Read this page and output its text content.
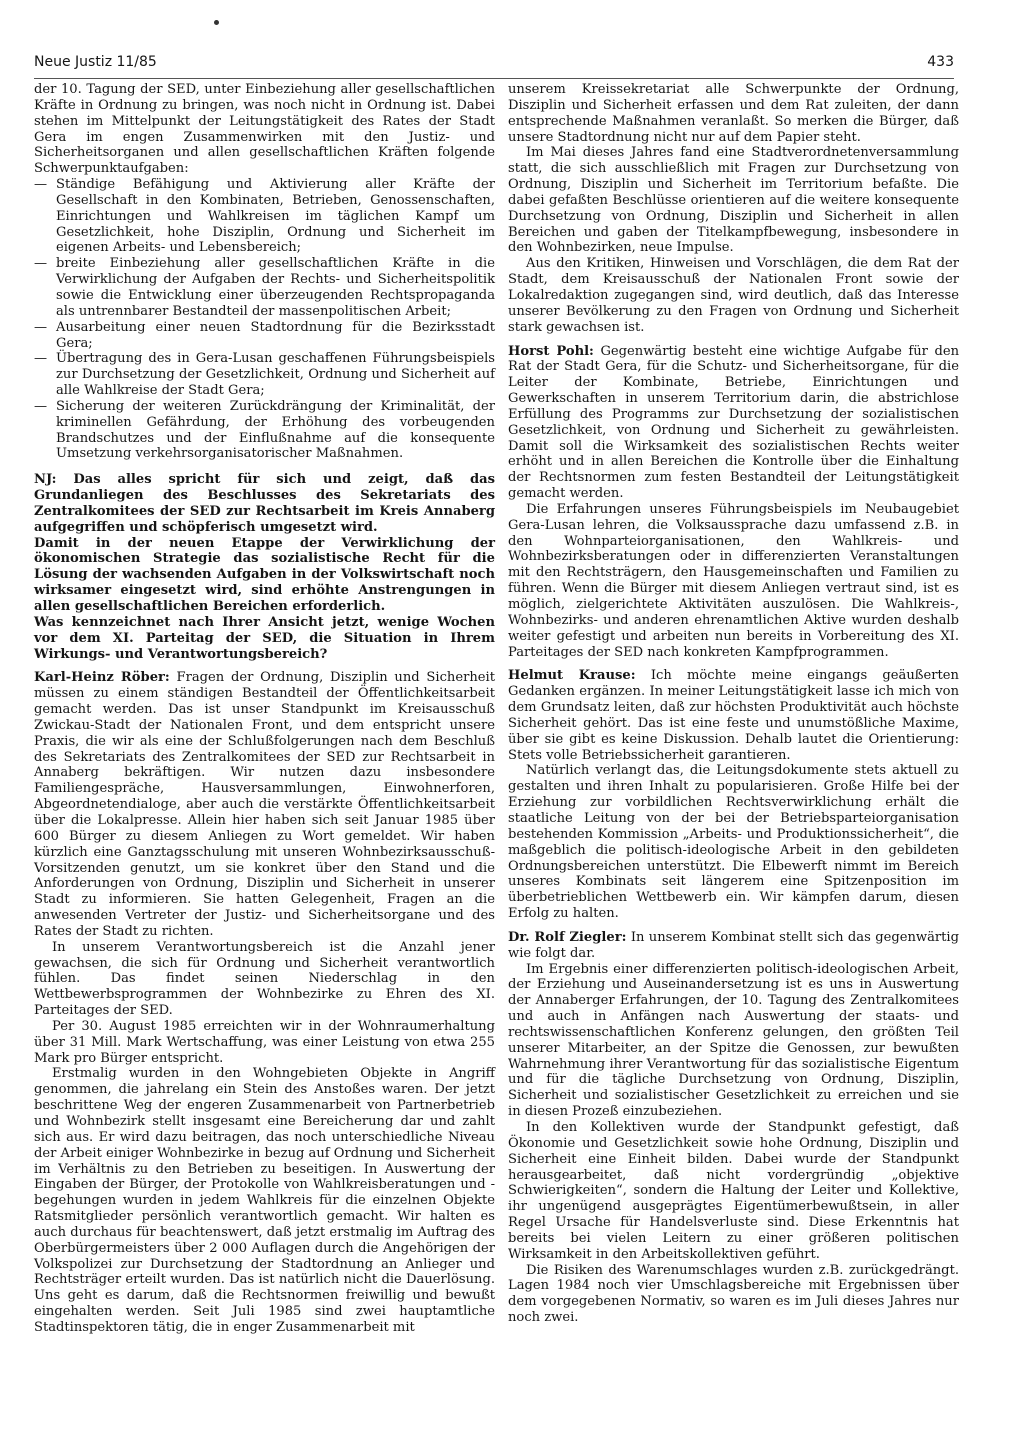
Neue Justiz 11/85	433

der 10. Tagung der SED, unter Einbeziehung aller gesellschaftlichen Kräfte in Ordnung zu bringen, was noch nicht in Ordnung ist. Dabei stehen im Mittelpunkt der Leitungstätigkeit des Rates der Stadt Gera im engen Zusammenwirken mit den Justiz- und Sicherheitsorganen und allen gesellschaftlichen Kräften folgende Schwerpunktaufgaben:

— Ständige Befähigung und Aktivierung aller Kräfte der Gesellschaft in den Kombinaten, Betrieben, Genossenschaften, Einrichtungen und Wahlkreisen im täglichen Kampf um Gesetzlichkeit, hohe Disziplin, Ordnung und Sicherheit im eigenen Arbeits- und Lebensbereich;
— breite Einbeziehung aller gesellschaftlichen Kräfte in die Verwirklichung der Aufgaben der Rechts- und Sicherheitspolitik sowie die Entwicklung einer überzeugenden Rechtspropaganda als untrennbarer Bestandteil der massenpolitischen Arbeit;
— Ausarbeitung einer neuen Stadtordnung für die Bezirksstadt Gera;
— Übertragung des in Gera-Lusan geschaffenen Führungsbeispiels zur Durchsetzung der Gesetzlichkeit, Ordnung und Sicherheit auf alle Wahlkreise der Stadt Gera;
— Sicherung der weiteren Zurückdrängung der Kriminalität, der kriminellen Gefährdung, der Erhöhung des vorbeugenden Brandschutzes und der Einflußnahme auf die konsequente Umsetzung verkehrsorganisatorischer Maßnahmen.

NJ: Das alles spricht für sich und zeigt, daß das Grundanliegen des Beschlusses des Sekretariats des Zentralkomitees der SED zur Rechtsarbeit im Kreis Annaberg aufgegriffen und schöpferisch umgesetzt wird.

Damit in der neuen Etappe der Verwirklichung der ökonomischen Strategie das sozialistische Recht für die Lösung der wachsenden Aufgaben in der Volkswirtschaft noch wirksamer eingesetzt wird, sind erhöhte Anstrengungen in allen gesellschaftlichen Bereichen erforderlich.

Was kennzeichnet nach Ihrer Ansicht jetzt, wenige Wochen vor dem XI. Parteitag der SED, die Situation in Ihrem Wirkungs- und Verantwortungsbereich?

Karl-Heinz Röber: Fragen der Ordnung, Disziplin und Sicherheit müssen zu einem ständigen Bestandteil der Öffentlichkeitsarbeit gemacht werden. Das ist unser Standpunkt im Kreisausschuß Zwickau-Stadt der Nationalen Front, und dem entspricht unsere Praxis, die wir als eine der Schlußfolgerungen nach dem Beschluß des Sekretariats des Zentralkomitees der SED zur Rechtsarbeit in Annaberg bekräftigen. Wir nutzen dazu insbesondere Familiengespräche, Hausversammlungen, Einwohnerforen, Abgeordnetendialoge, aber auch die verstärkte Öffentlichkeitsarbeit über die Lokalpresse. Allein hier haben sich seit Januar 1985 über 600 Bürger zu diesem Anliegen zu Wort gemeldet. Wir haben kürzlich eine Ganztagsschulung mit unseren Wohnbezirksausschuß-Vorsitzenden genutzt, um sie konkret über den Stand und die Anforderungen von Ordnung, Disziplin und Sicherheit in unserer Stadt zu informieren. Sie hatten Gelegenheit, Fragen an die anwesenden Vertreter der Justiz- und Sicherheitsorgane und des Rates der Stadt zu richten.

In unserem Verantwortungsbereich ist die Anzahl jener gewachsen, die sich für Ordnung und Sicherheit verantwortlich fühlen. Das findet seinen Niederschlag in den Wettbewerbsprogrammen der Wohnbezirke zu Ehren des XI. Parteitages der SED.

Per 30. August 1985 erreichten wir in der Wohnraumerhaltung über 31 Mill. Mark Wertschaffung, was einer Leistung von etwa 255 Mark pro Bürger entspricht.

Erstmalig wurden in den Wohngebieten Objekte in Angriff genommen, die jahrelang ein Stein des Anstoßes waren. Der jetzt beschrittene Weg der engeren Zusammenarbeit von Partnerbetrieb und Wohnbezirk stellt insgesamt eine Bereicherung dar und zahlt sich aus. Er wird dazu beitragen, das noch unterschiedliche Niveau der Arbeit einiger Wohnbezirke in bezug auf Ordnung und Sicherheit im Verhältnis zu den Betrieben zu beseitigen. In Auswertung der Eingaben der Bürger, der Protokolle von Wahlkreisberatungen und -begehungen wurden in jedem Wahlkreis für die einzelnen Objekte Ratsmitglieder persönlich verantwortlich gemacht. Wir halten es auch durchaus für beachtenswert, daß jetzt erstmalig im Auftrag des Oberbürgermeisters über 2 000 Auflagen durch die Angehörigen der Volkspolizei zur Durchsetzung der Stadtordnung an Anlieger und Rechtsträger erteilt wurden. Das ist natürlich nicht die Dauerlösung. Uns geht es darum, daß die Rechtsnormen freiwillig und bewußt eingehalten werden. Seit Juli 1985 sind zwei hauptamtliche Stadtinspektoren tätig, die in enger Zusammenarbeit mit

unserem Kreissekretariat alle Schwerpunkte der Ordnung, Disziplin und Sicherheit erfassen und dem Rat zuleiten, der dann entsprechende Maßnahmen veranlaßt. So merken die Bürger, daß unsere Stadtordnung nicht nur auf dem Papier steht.

Im Mai dieses Jahres fand eine Stadtverordnetenversammlung statt, die sich ausschließlich mit Fragen zur Durchsetzung von Ordnung, Disziplin und Sicherheit im Territorium befaßte. Die dabei gefaßten Beschlüsse orientieren auf die weitere konsequente Durchsetzung von Ordnung, Disziplin und Sicherheit in allen Bereichen und gaben der Titelkampfbewegung, insbesondere in den Wohnbezirken, neue Impulse.

Aus den Kritiken, Hinweisen und Vorschlägen, die dem Rat der Stadt, dem Kreisausschuß der Nationalen Front sowie der Lokalredaktion zugegangen sind, wird deutlich, daß das Interesse unserer Bevölkerung zu den Fragen von Ordnung und Sicherheit stark gewachsen ist.

Horst Pohl: Gegenwärtig besteht eine wichtige Aufgabe für den Rat der Stadt Gera, für die Schutz- und Sicherheitsorgane, für die Leiter der Kombinate, Betriebe, Einrichtungen und Gewerkschaften in unserem Territorium darin, die abstrichlose Erfüllung des Programms zur Durchsetzung der sozialistischen Gesetzlichkeit, von Ordnung und Sicherheit zu gewährleisten. Damit soll die Wirksamkeit des sozialistischen Rechts weiter erhöht und in allen Bereichen die Kontrolle über die Einhaltung der Rechtsnormen zum festen Bestandteil der Leitungstätigkeit gemacht werden.

Die Erfahrungen unseres Führungsbeispiels im Neubaugebiet Gera-Lusan lehren, die Volksaussprache dazu umfassend z.B. in den Wohnparteiorganisationen, den Wahlkreis- und Wohnbezirksberatungen oder in differenzierten Veranstaltungen mit den Rechtsträgern, den Hausgemeinschaften und Familien zu führen. Wenn die Bürger mit diesem Anliegen vertraut sind, ist es möglich, zielgerichtete Aktivitäten auszulösen. Die Wahlkreis-, Wohnbezirks- und anderen ehrenamtlichen Aktive wurden deshalb weiter gefestigt und arbeiten nun bereits in Vorbereitung des XI. Parteitages der SED nach konkreten Kampfprogrammen.

Helmut Krause: Ich möchte meine eingangs geäußerten Gedanken ergänzen. In meiner Leitungstätigkeit lasse ich mich von dem Grundsatz leiten, daß zur höchsten Produktivität auch höchste Sicherheit gehört. Das ist eine feste und unumstößliche Maxime, über sie gibt es keine Diskussion. Dehalb lautet die Orientierung: Stets volle Betriebssicherheit garantieren.

Natürlich verlangt das, die Leitungsdokumente stets aktuell zu gestalten und ihren Inhalt zu popularisieren. Große Hilfe bei der Erziehung zur vorbildlichen Rechtsverwirklichung erhält die staatliche Leitung von der bei der Betriebsparteiorganisation bestehenden Kommission „Arbeits- und Produktionssicherheit“, die maßgeblich die politisch-ideologische Arbeit in den gebildeten Ordnungsbereichen unterstützt. Die Elbewerft nimmt im Bereich unseres Kombinats seit längerem eine Spitzenposition im überbetrieblichen Wettbewerb ein. Wir kämpfen darum, diesen Erfolg zu halten.

Dr. Rolf Ziegler: In unserem Kombinat stellt sich das gegenwärtig wie folgt dar.

Im Ergebnis einer differenzierten politisch-ideologischen Arbeit, der Erziehung und Auseinandersetzung ist es uns in Auswertung der Annaberger Erfahrungen, der 10. Tagung des Zentralkomitees und auch in Anfängen nach Auswertung der staats- und rechtswissenschaftlichen Konferenz gelungen, den größten Teil unserer Mitarbeiter, an der Spitze die Genossen, zur bewußten Wahrnehmung ihrer Verantwortung für das sozialistische Eigentum und für die tägliche Durchsetzung von Ordnung, Disziplin, Sicherheit und sozialistischer Gesetzlichkeit zu erreichen und sie in diesen Prozeß einzubeziehen.

In den Kollektiven wurde der Standpunkt gefestigt, daß Ökonomie und Gesetzlichkeit sowie hohe Ordnung, Disziplin und Sicherheit eine Einheit bilden. Dabei wurde der Standpunkt herausgearbeitet, daß nicht vordergründig „objektive Schwierigkeiten“, sondern die Haltung der Leiter und Kollektive, ihr ungenügend ausgeprägtes Eigentümerbewußtsein, in aller Regel Ursache für Handelsverluste sind. Diese Erkenntnis hat bereits bei vielen Leitern zu einer größeren politischen Wirksamkeit in den Arbeitskollektiven geführt.

Die Risiken des Warenumschlages wurden z.B. zurückgedrängt. Lagen 1984 noch vier Umschlagsbereiche mit Ergebnissen über dem vorgegebenen Normativ, so waren es im Juli dieses Jahres nur noch zwei.
